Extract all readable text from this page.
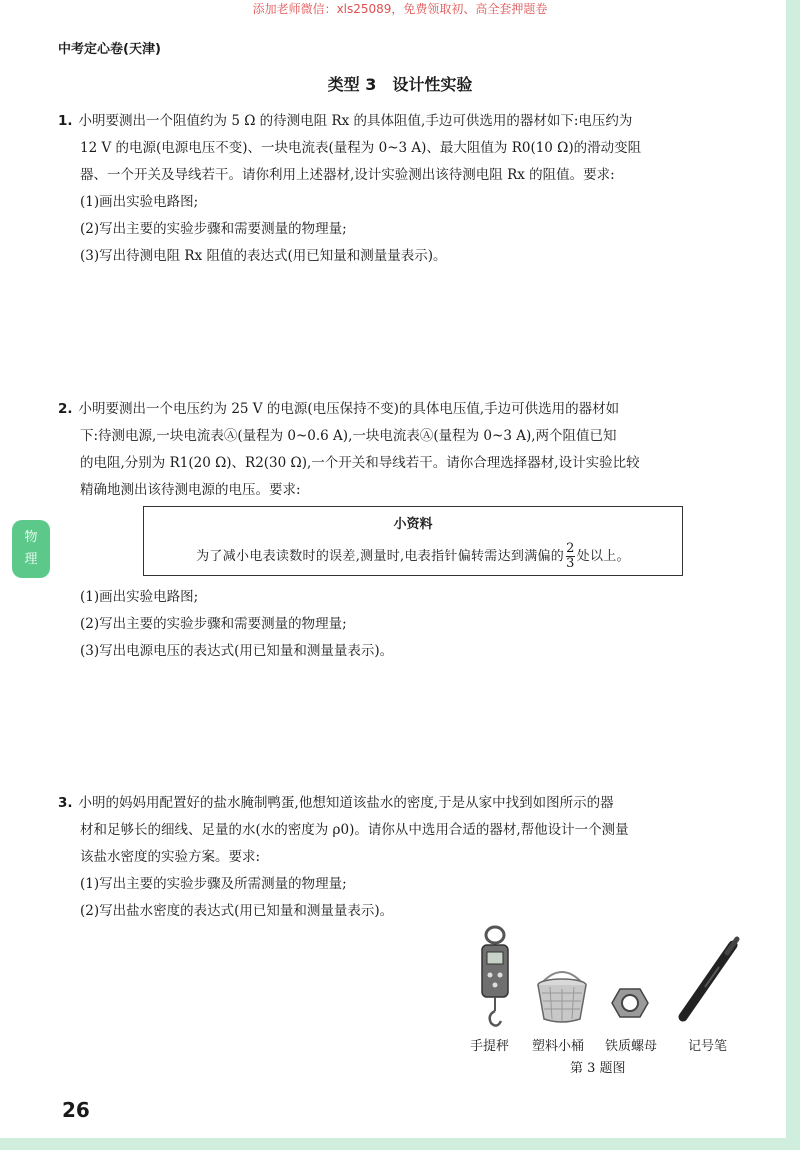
添加老师微信：xls25089，免费领取初、高全套押题卷
中考定心卷(天津)
类型 3　设计性实验
物
理
1. 小明要测出一个阻值约为 5 Ω 的待测电阻 Rx 的具体阻值,手边可供选用的器材如下:电压约为
12 V 的电源(电源电压不变)、一块电流表(量程为 0~3 A)、最大阻值为 R0(10 Ω)的滑动变阻
器、一个开关及导线若干。请你利用上述器材,设计实验测出该待测电阻 Rx 的阻值。要求:
(1)画出实验电路图;
(2)写出主要的实验步骤和需要测量的物理量;
(3)写出待测电阻 Rx 阻值的表达式(用已知量和测量量表示)。
2. 小明要测出一个电压约为 25 V 的电源(电压保持不变)的具体电压值,手边可供选用的器材如
下:待测电源,一块电流表Ⓐ(量程为 0~0.6 A),一块电流表Ⓐ(量程为 0~3 A),两个阻值已知
的电阻,分别为 R1(20 Ω)、R2(30 Ω),一个开关和导线若干。请你合理选择器材,设计实验比较
精确地测出该待测电源的电压。要求:
小资料
为了减小电表读数时的误差,测量时,电表指针偏转需达到满偏的 $\frac{2}{3}$ 处以上。
(1)画出实验电路图;
(2)写出主要的实验步骤和需要测量的物理量;
(3)写出电源电压的表达式(用已知量和测量量表示)。
3. 小明的妈妈用配置好的盐水腌制鸭蛋,他想知道该盐水的密度,于是从家中找到如图所示的器
材和足够长的细线、足量的水(水的密度为 ρ0)。请你从中选用合适的器材,帮他设计一个测量
该盐水密度的实验方案。要求:
(1)写出主要的实验步骤及所需测量的物理量;
(2)写出盐水密度的表达式(用已知量和测量量表示)。
手提秤 塑料小桶 铁质螺母 记号笔
第 3 题图
26
